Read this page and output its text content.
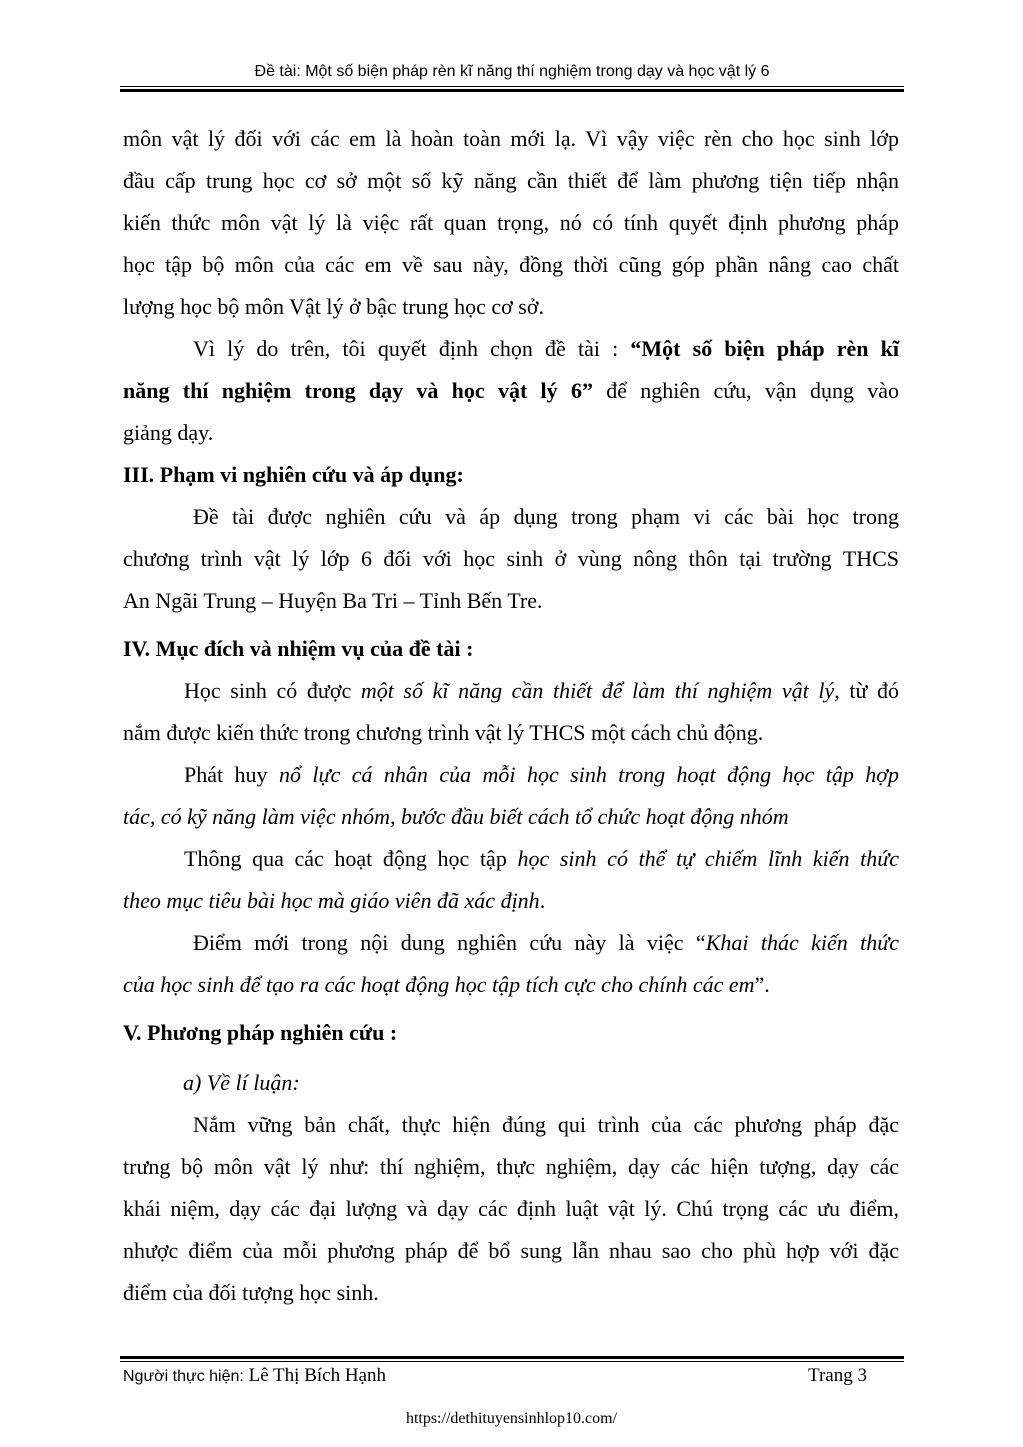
Đề tài: Một số biện pháp rèn kĩ năng thí nghiệm trong dạy và học vật lý 6
môn vật lý đối với các em là hoàn toàn mới lạ. Vì vậy việc rèn cho học sinh lớp
đầu cấp trung học cơ sở một số kỹ năng cần thiết để làm phương tiện tiếp nhận
kiến thức môn vật lý là việc rất quan trọng, nó có tính quyết định phương pháp
học tập bộ môn của các em về sau này, đồng thời cũng góp phần nâng cao chất
lượng học bộ môn Vật lý ở bậc trung học cơ sở.
Vì lý do trên, tôi quyết định chọn đề tài : “Một số biện pháp rèn kĩ
năng thí nghiệm trong dạy và học vật lý 6” để nghiên cứu, vận dụng vào
giảng dạy.
III. Phạm vi nghiên cứu và áp dụng:
Đề tài được nghiên cứu và áp dụng trong phạm vi các bài học trong
chương trình vật lý lớp 6 đối với học sinh ở vùng nông thôn tại trường THCS
An Ngãi Trung – Huyện Ba Tri – Tỉnh Bến Tre.
IV. Mục đích và nhiệm vụ của đề tài :
Học sinh có được một số kĩ năng cần thiết để làm thí nghiệm vật lý, từ đó
nắm được kiến thức trong chương trình vật lý THCS một cách chủ động.
Phát huy nổ lực cá nhân của mỗi học sinh trong hoạt động học tập hợp
tác, có kỹ năng làm việc nhóm, bước đầu biết cách tổ chức hoạt động nhóm
Thông qua các hoạt động học tập học sinh có thể tự chiếm lĩnh kiến thức
theo mục tiêu bài học mà giáo viên đã xác định.
Điểm mới trong nội dung nghiên cứu này là việc “Khai thác kiến thức
của học sinh để tạo ra các hoạt động học tập tích cực cho chính các em”.
V. Phương pháp nghiên cứu :
a) Về lí luận:
Nắm vững bản chất, thực hiện đúng qui trình của các phương pháp đặc
trưng bộ môn vật lý như: thí nghiệm, thực nghiệm, dạy các hiện tượng, dạy các
khái niệm, dạy các đại lượng và dạy các định luật vật lý. Chú trọng các ưu điểm,
nhược điểm của mỗi phương pháp để bổ sung lẫn nhau sao cho phù hợp với đặc
điểm của đối tượng học sinh.
Người thực hiện: Lê Thị Bích Hạnh	Trang 3
https://dethituyensinhlop10.com/
